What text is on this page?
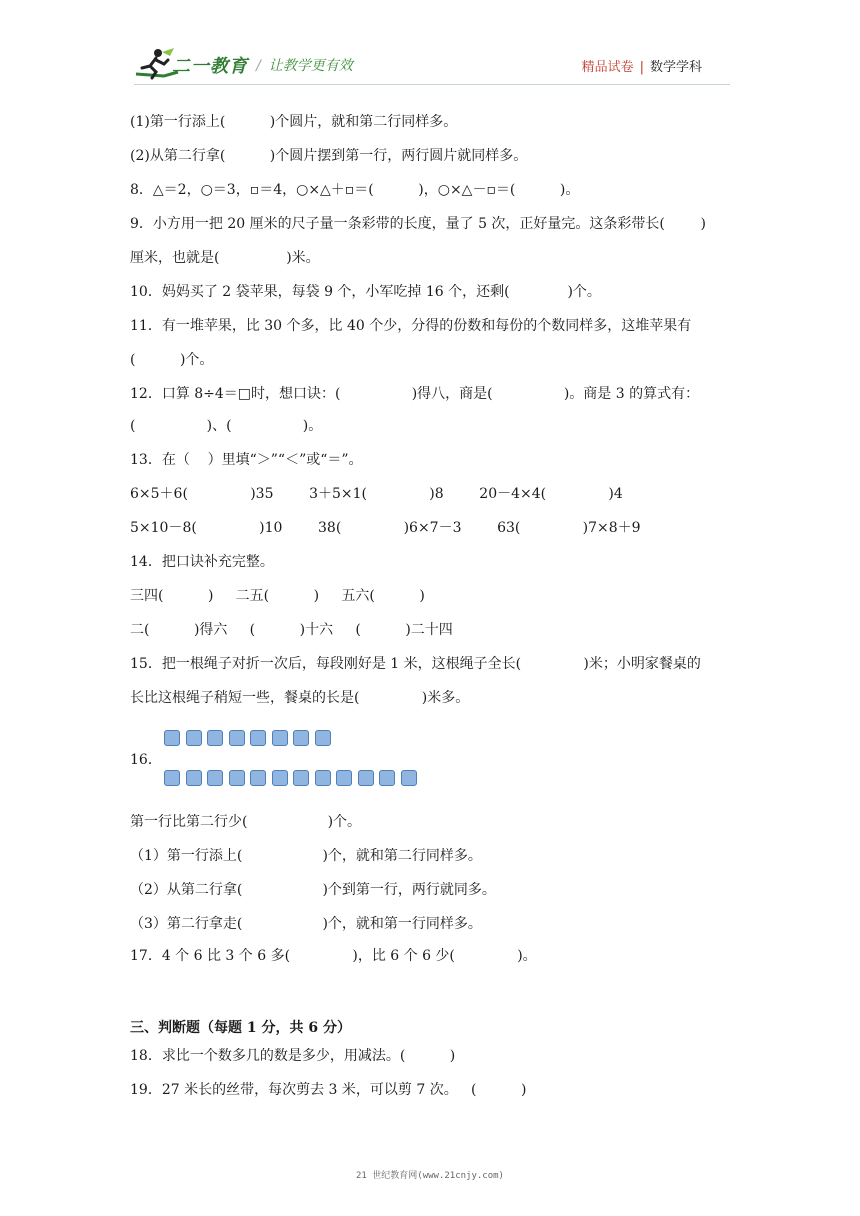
二一教育 / 让教学更有效	精品试卷 | 数学学科
(1)第一行添上(          )个圆片，就和第二行同样多。
(2)从第二行拿(          )个圆片摆到第一行，两行圆片就同样多。
8．△＝2，○＝3，▫＝4，○×△＋▫＝(          )，○×△－▫＝(          )。
9．小方用一把 20 厘米的尺子量一条彩带的长度，量了 5 次，正好量完。这条彩带长(        )
厘米，也就是(               )米。
10．妈妈买了 2 袋苹果，每袋 9 个，小军吃掉 16 个，还剩(             )个。
11．有一堆苹果，比 30 个多，比 40 个少，分得的份数和每份的个数同样多，这堆苹果有
(          )个。
12．口算 8÷4＝□时，想口诀：(                )得八，商是(                )。商是 3 的算式有：
(                )、(                )。
13．在（    ）里填“＞”“＜”或“＝”。
6×5＋6(              )35        3＋5×1(              )8        20－4×4(              )4
5×10－8(              )10        38(              )6×7－3        63(              )7×8＋9
14．把口诀补充完整。
三四(          )     二五(          )     五六(          )
二(          )得六     (          )十六     (          )二十四
15．把一根绳子对折一次后，每段刚好是 1 米，这根绳子全长(              )米；小明家餐桌的
长比这根绳子稍短一些，餐桌的长是(              )米多。
16．
第一行比第二行少(                  )个。
（1）第一行添上(                  )个，就和第二行同样多。
（2）从第二行拿(                  )个到第一行，两行就同多。
（3）第二行拿走(                  )个，就和第一行同样多。
17．4 个 6 比 3 个 6 多(              )，比 6 个 6 少(              )。
三、判断题（每题 1 分，共 6 分）
18．求比一个数多几的数是多少，用减法。(          )
19．27 米长的丝带，每次剪去 3 米，可以剪 7 次。   (          )
21 世纪教育网(www.21cnjy.com)
